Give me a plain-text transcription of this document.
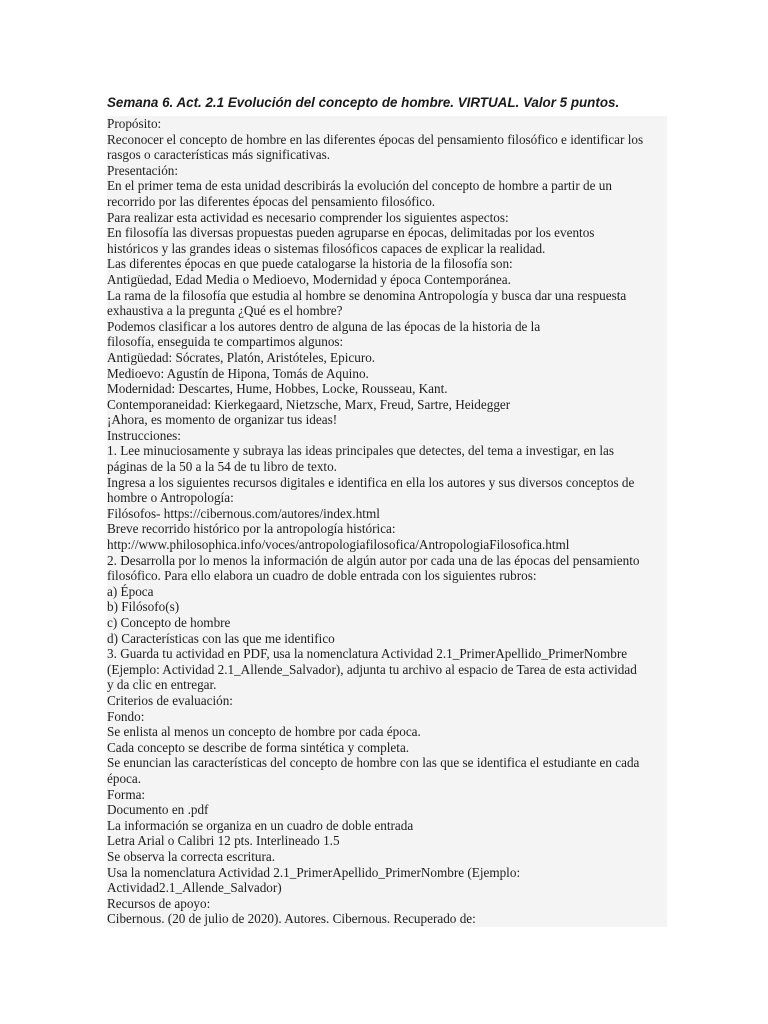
Semana 6. Act. 2.1 Evolución del concepto de hombre. VIRTUAL. Valor 5 puntos.
Propósito:
Reconocer el concepto de hombre en las diferentes épocas del pensamiento filosófico e identificar los
rasgos o características más significativas.
Presentación:
En el primer tema de esta unidad describirás la evolución del concepto de hombre a partir de un
recorrido por las diferentes épocas del pensamiento filosófico.
Para realizar esta actividad es necesario comprender los siguientes aspectos:
En filosofía las diversas propuestas pueden agruparse en épocas, delimitadas por los eventos
históricos y las grandes ideas o sistemas filosóficos capaces de explicar la realidad.
Las diferentes épocas en que puede catalogarse la historia de la filosofía son:
Antigüedad, Edad Media o Medioevo, Modernidad y época Contemporánea.
La rama de la filosofía que estudia al hombre se denomina Antropología y busca dar una respuesta
exhaustiva a la pregunta ¿Qué es el hombre?
Podemos clasificar a los autores dentro de alguna de las épocas de la historia de la
filosofía, enseguida te compartimos algunos:
Antigüedad: Sócrates, Platón, Aristóteles, Epicuro.
Medioevo: Agustín de Hipona, Tomás de Aquino.
Modernidad: Descartes, Hume, Hobbes, Locke, Rousseau, Kant.
Contemporaneidad: Kierkegaard, Nietzsche, Marx, Freud, Sartre, Heidegger
¡Ahora, es momento de organizar tus ideas!
Instrucciones:
1. Lee minuciosamente y subraya las ideas principales que detectes, del tema a investigar, en las
páginas de la 50 a la 54 de tu libro de texto.
Ingresa a los siguientes recursos digitales e identifica en ella los autores y sus diversos conceptos de
hombre o Antropología:
Filósofos- https://cibernous.com/autores/index.html
Breve recorrido histórico por la antropología histórica:
http://www.philosophica.info/voces/antropologiafilosofica/AntropologiaFilosofica.html
2. Desarrolla por lo menos la información de algún autor por cada una de las épocas del pensamiento
filosófico. Para ello elabora un cuadro de doble entrada con los siguientes rubros:
a) Época
b) Filósofo(s)
c) Concepto de hombre
d) Características con las que me identifico
3. Guarda tu actividad en PDF, usa la nomenclatura Actividad 2.1_PrimerApellido_PrimerNombre
(Ejemplo: Actividad 2.1_Allende_Salvador), adjunta tu archivo al espacio de Tarea de esta actividad
y da clic en entregar.
Criterios de evaluación:
Fondo:
Se enlista al menos un concepto de hombre por cada época.
Cada concepto se describe de forma sintética y completa.
Se enuncian las características del concepto de hombre con las que se identifica el estudiante en cada
época.
Forma:
Documento en .pdf
La información se organiza en un cuadro de doble entrada
Letra Arial o Calibri 12 pts. Interlineado 1.5
Se observa la correcta escritura.
Usa la nomenclatura Actividad 2.1_PrimerApellido_PrimerNombre (Ejemplo:
Actividad2.1_Allende_Salvador)
Recursos de apoyo:
Cibernous. (20 de julio de 2020). Autores. Cibernous. Recuperado de:
